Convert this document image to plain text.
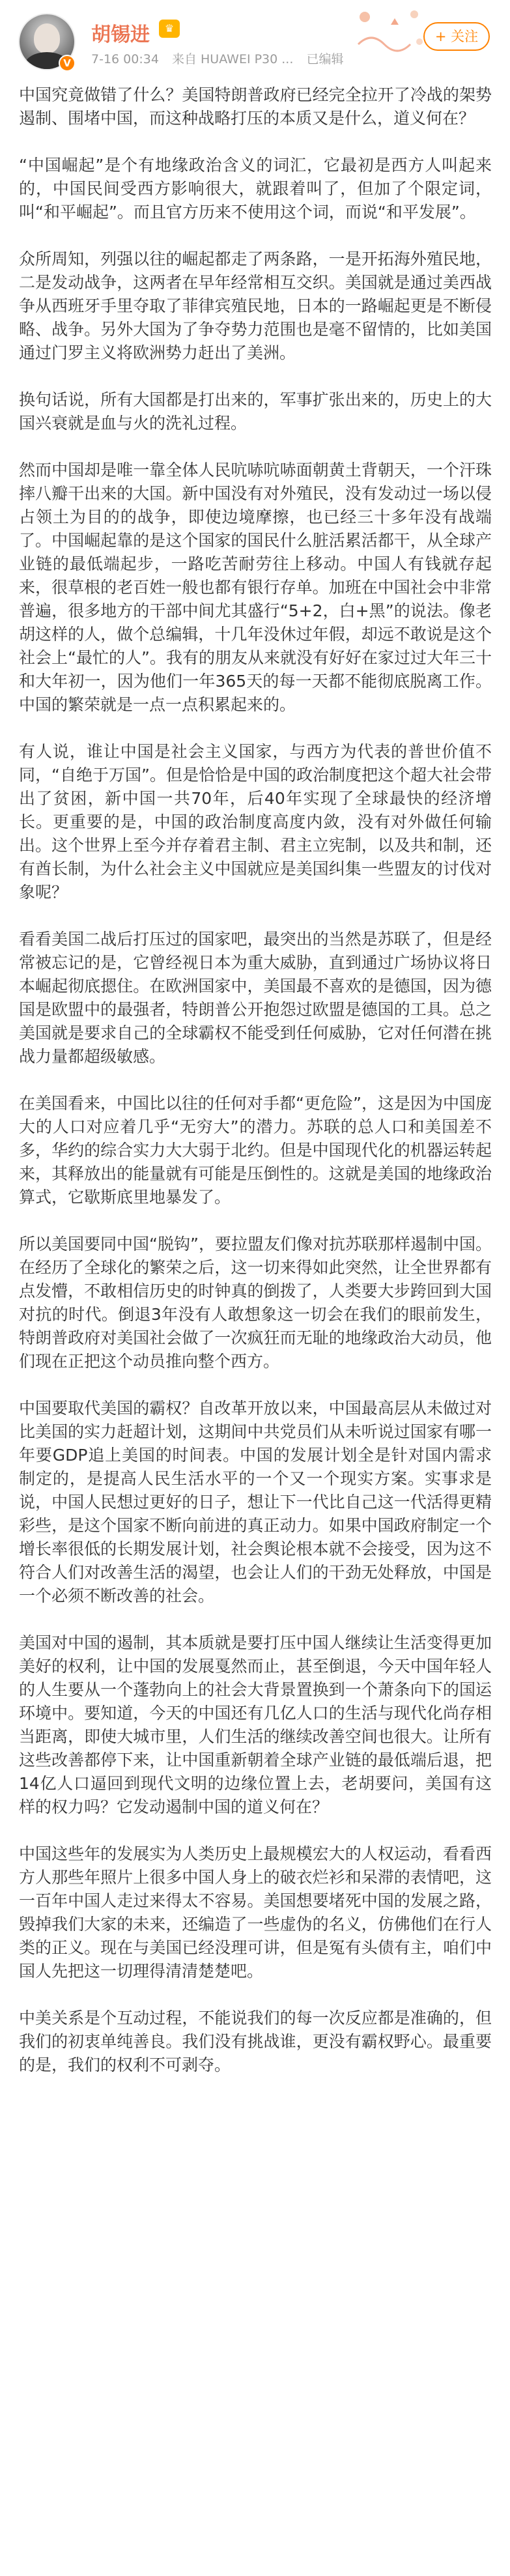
V
胡锡进	♛
7-16 00:34 来自 HUAWEI P30 ... 已编辑
+ 关注

中国究竟做错了什么？美国特朗普政府已经完全拉开了冷战的架势遏制、围堵中国，而这种战略打压的本质又是什么，道义何在？

“中国崛起”是个有地缘政治含义的词汇，它最初是西方人叫起来的，中国民间受西方影响很大，就跟着叫了，但加了个限定词，叫“和平崛起”。而且官方历来不使用这个词，而说“和平发展”。

众所周知，列强以往的崛起都走了两条路，一是开拓海外殖民地，二是发动战争，这两者在早年经常相互交织。美国就是通过美西战争从西班牙手里夺取了菲律宾殖民地，日本的一路崛起更是不断侵略、战争。另外大国为了争夺势力范围也是毫不留情的，比如美国通过门罗主义将欧洲势力赶出了美洲。

换句话说，所有大国都是打出来的，军事扩张出来的，历史上的大国兴衰就是血与火的洗礼过程。

然而中国却是唯一靠全体人民吭哧吭哧面朝黄土背朝天，一个汗珠摔八瓣干出来的大国。新中国没有对外殖民，没有发动过一场以侵占领土为目的的战争，即使边境摩擦，也已经三十多年没有战端了。中国崛起靠的是这个国家的国民什么脏活累活都干，从全球产业链的最低端起步，一路吃苦耐劳往上移动。中国人有钱就存起来，很草根的老百姓一般也都有银行存单。加班在中国社会中非常普遍，很多地方的干部中间尤其盛行“5+2，白+黑”的说法。像老胡这样的人，做个总编辑，十几年没休过年假，却远不敢说是这个社会上“最忙的人”。我有的朋友从来就没有好好在家过过大年三十和大年初一，因为他们一年365天的每一天都不能彻底脱离工作。中国的繁荣就是一点一点积累起来的。

有人说，谁让中国是社会主义国家，与西方为代表的普世价值不同，“自绝于万国”。但是恰恰是中国的政治制度把这个超大社会带出了贫困，新中国一共70年，后40年实现了全球最快的经济增长。更重要的是，中国的政治制度高度内敛，没有对外做任何输出。这个世界上至今并存着君主制、君主立宪制，以及共和制，还有酋长制，为什么社会主义中国就应是美国纠集一些盟友的讨伐对象呢？

看看美国二战后打压过的国家吧，最突出的当然是苏联了，但是经常被忘记的是，它曾经视日本为重大威胁，直到通过广场协议将日本崛起彻底摁住。在欧洲国家中，美国最不喜欢的是德国，因为德国是欧盟中的最强者，特朗普公开抱怨过欧盟是德国的工具。总之美国就是要求自己的全球霸权不能受到任何威胁，它对任何潜在挑战力量都超级敏感。

在美国看来，中国比以往的任何对手都“更危险”，这是因为中国庞大的人口对应着几乎“无穷大”的潜力。苏联的总人口和美国差不多，华约的综合实力大大弱于北约。但是中国现代化的机器运转起来，其释放出的能量就有可能是压倒性的。这就是美国的地缘政治算式，它歇斯底里地暴发了。

所以美国要同中国“脱钩”，要拉盟友们像对抗苏联那样遏制中国。在经历了全球化的繁荣之后，这一切来得如此突然，让全世界都有点发懵，不敢相信历史的时钟真的倒拨了，人类要大步跨回到大国对抗的时代。倒退3年没有人敢想象这一切会在我们的眼前发生，特朗普政府对美国社会做了一次疯狂而无耻的地缘政治大动员，他们现在正把这个动员推向整个西方。

中国要取代美国的霸权？自改革开放以来，中国最高层从未做过对比美国的实力赶超计划，这期间中共党员们从未听说过国家有哪一年要GDP追上美国的时间表。中国的发展计划全是针对国内需求制定的，是提高人民生活水平的一个又一个现实方案。实事求是说，中国人民想过更好的日子，想让下一代比自己这一代活得更精彩些，是这个国家不断向前进的真正动力。如果中国政府制定一个增长率很低的长期发展计划，社会舆论根本就不会接受，因为这不符合人们对改善生活的渴望，也会让人们的干劲无处释放，中国是一个必须不断改善的社会。

美国对中国的遏制，其本质就是要打压中国人继续让生活变得更加美好的权利，让中国的发展戛然而止，甚至倒退，今天中国年轻人的人生要从一个蓬勃向上的社会大背景置换到一个萧条向下的国运环境中。要知道，今天的中国还有几亿人口的生活与现代化尚存相当距离，即使大城市里，人们生活的继续改善空间也很大。让所有这些改善都停下来，让中国重新朝着全球产业链的最低端后退，把14亿人口逼回到现代文明的边缘位置上去，老胡要问，美国有这样的权力吗？它发动遏制中国的道义何在？

中国这些年的发展实为人类历史上最规模宏大的人权运动，看看西方人那些年照片上很多中国人身上的破衣烂衫和呆滞的表情吧，这一百年中国人走过来得太不容易。美国想要堵死中国的发展之路，毁掉我们大家的未来，还编造了一些虚伪的名义，仿佛他们在行人类的正义。现在与美国已经没理可讲，但是冤有头债有主，咱们中国人先把这一切理得清清楚楚吧。

中美关系是个互动过程，不能说我们的每一次反应都是准确的，但我们的初衷单纯善良。我们没有挑战谁，更没有霸权野心。最重要的是，我们的权利不可剥夺。
